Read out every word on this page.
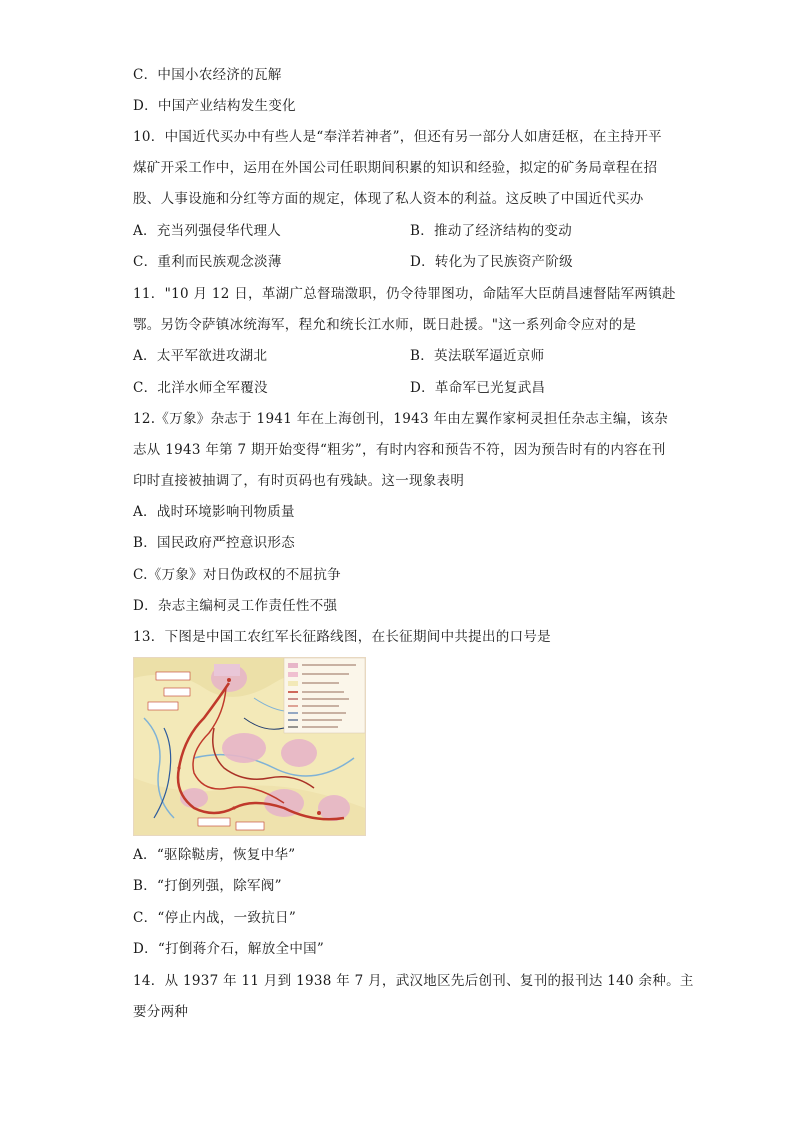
C．中国小农经济的瓦解
D．中国产业结构发生变化
10．中国近代买办中有些人是“奉洋若神者”，但还有另一部分人如唐廷枢，在主持开平
煤矿开采工作中，运用在外国公司任职期间积累的知识和经验，拟定的矿务局章程在招
股、人事设施和分红等方面的规定，体现了私人资本的利益。这反映了中国近代买办
A．充当列强侵华代理人	B．推动了经济结构的变动
C．重利而民族观念淡薄	D．转化为了民族资产阶级
11．"10 月 12 日，革湖广总督瑞澂职，仍令待罪图功，命陆军大臣荫昌速督陆军两镇赴
鄂。另饬令萨镇冰统海军，程允和统长江水师，既日赴援。"这一系列命令应对的是
A．太平军欲进攻湖北	B．英法联军逼近京师
C．北洋水师全军覆没	D．革命军已光复武昌
12.《万象》杂志于 1941 年在上海创刊，1943 年由左翼作家柯灵担任杂志主编，该杂
志从 1943 年第 7 期开始变得“粗劣”，有时内容和预告不符，因为预告时有的内容在刊
印时直接被抽调了，有时页码也有残缺。这一现象表明
A．战时环境影响刊物质量
B．国民政府严控意识形态
C.《万象》对日伪政权的不屈抗争
D．杂志主编柯灵工作责任性不强
13．下图是中国工农红军长征路线图，在长征期间中共提出的口号是
A．“驱除鞑虏，恢复中华”
B．“打倒列强，除军阀”
C．“停止内战，一致抗日”
D．“打倒蒋介石，解放全中国”
14．从 1937 年 11 月到 1938 年 7 月，武汉地区先后创刊、复刊的报刊达 140 余种。主
要分两种
